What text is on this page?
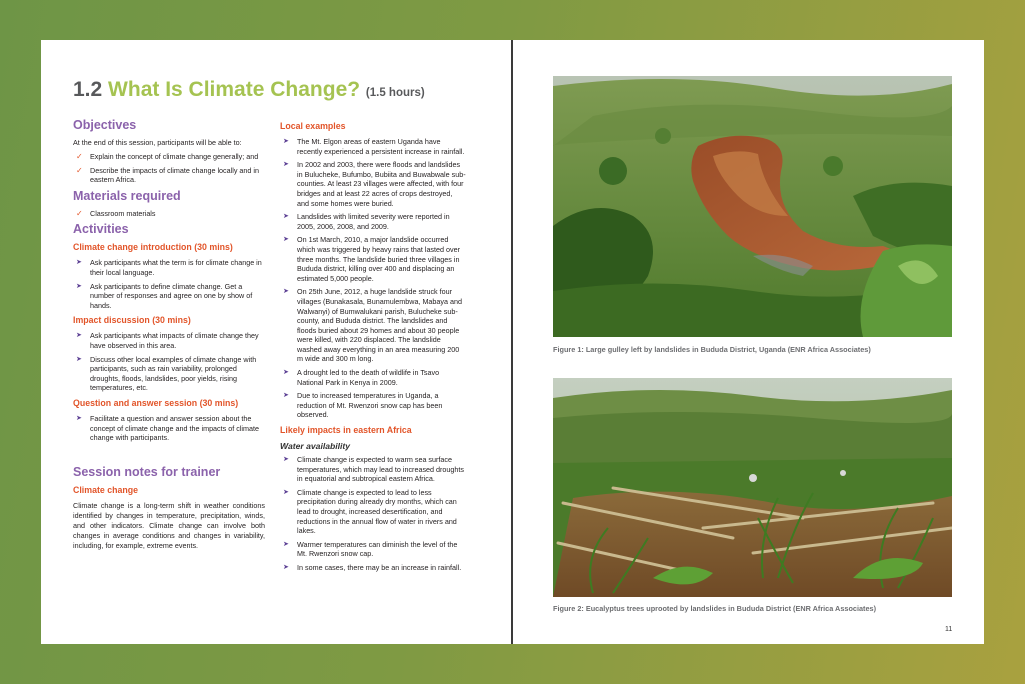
1.2 What Is Climate Change? (1.5 hours)
Objectives
At the end of this session, participants will be able to:
✓ Explain the concept of climate change generally; and
✓ Describe the impacts of climate change locally and in eastern Africa.
Materials required
✓ Classroom materials
Activities
Climate change introduction (30 mins)
➤ Ask participants what the term is for climate change in their local language.
➤ Ask participants to define climate change. Get a number of responses and agree on one by show of hands.
Impact discussion (30 mins)
➤ Ask participants what impacts of climate change they have observed in this area.
➤ Discuss other local examples of climate change with participants, such as rain variability, prolonged droughts, floods, landslides, poor yields, rising temperatures, etc.
Question and answer session (30 mins)
➤ Facilitate a question and answer session about the concept of climate change and the impacts of climate change with participants.
Session notes for trainer
Climate change
Climate change is a long-term shift in weather conditions identified by changes in temperature, precipitation, winds, and other indicators. Climate change can involve both changes in average conditions and changes in variability, including, for example, extreme events.
Local examples
➤ The Mt. Elgon areas of eastern Uganda have recently experienced a persistent increase in rainfall.
➤ In 2002 and 2003, there were floods and landslides in Bulucheke, Bufumbo, Bubiita and Buwabwale sub-counties. At least 23 villages were affected, with four bridges and at least 22 acres of crops destroyed, and some homes were buried.
➤ Landslides with limited severity were reported in 2005, 2006, 2008, and 2009.
➤ On 1st March, 2010, a major landslide occurred which was triggered by heavy rains that lasted over three months. The landslide buried three villages in Bududa district, killing over 400 and displacing an estimated 5,000 people.
➤ On 25th June, 2012, a huge landslide struck four villages (Bunakasala, Bunamulembwa, Mabaya and Walwanyi) of Bumwalukani parish, Bulucheke sub-county, and Bududa district. The landslides and floods buried about 29 homes and about 30 people were killed, with 220 displaced. The landslide washed away everything in an area measuring 200 m wide and 300 m long.
➤ A drought led to the death of wildlife in Tsavo National Park in Kenya in 2009.
➤ Due to increased temperatures in Uganda, a reduction of Mt. Rwenzori snow cap has been observed.
Likely impacts in eastern Africa
Water availability
➤ Climate change is expected to warm sea surface temperatures, which may lead to increased droughts in equatorial and subtropical eastern Africa.
➤ Climate change is expected to lead to less precipitation during already dry months, which can lead to drought, increased desertification, and reductions in the annual flow of water in rivers and lakes.
➤ Warmer temperatures can diminish the level of the Mt. Rwenzori snow cap.
➤ In some cases, there may be an increase in rainfall.
Figure 1: Large gulley left by landslides in Bududa District, Uganda (ENR Africa Associates)
Figure 2: Eucalyptus trees uprooted by landslides in Bududa District (ENR Africa Associates)
11
